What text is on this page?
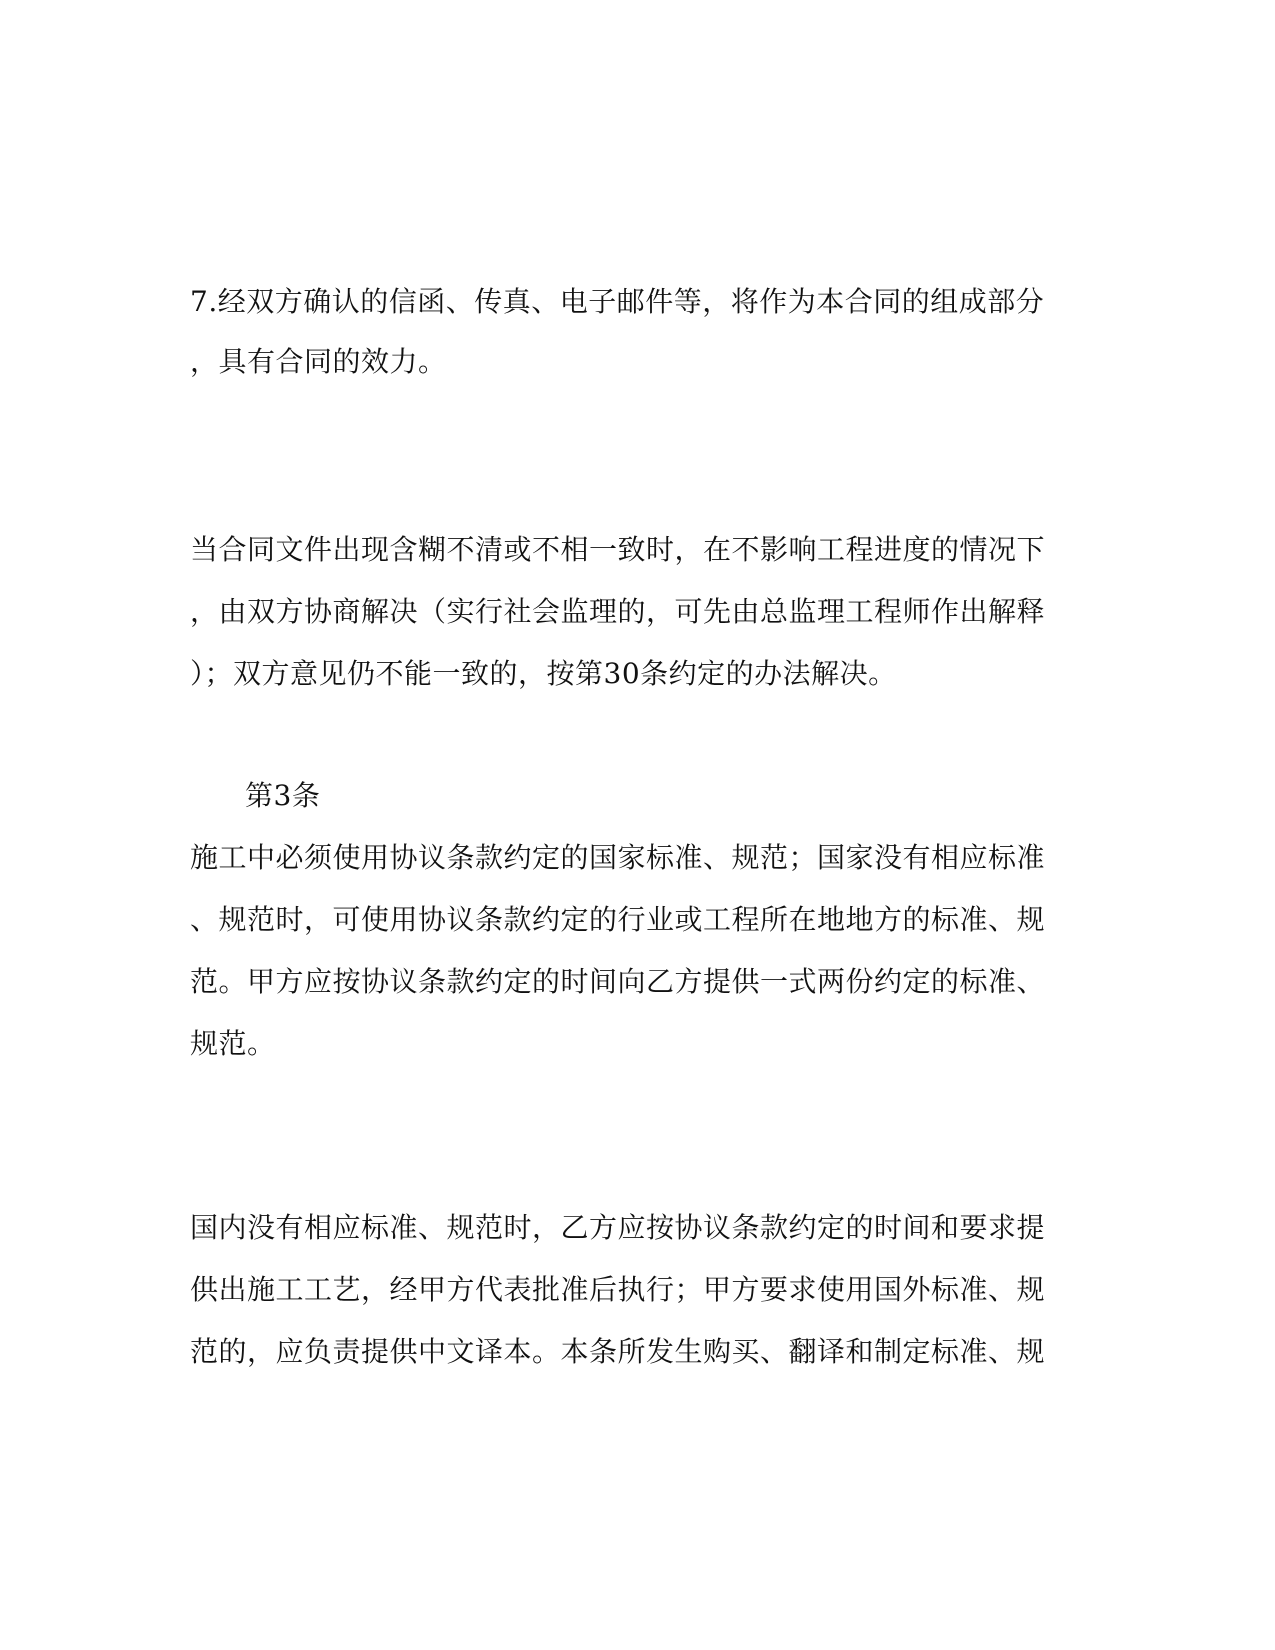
7.经双方确认的信函、传真、电子邮件等，将作为本合同的组成部分
，具有合同的效力。
当合同文件出现含糊不清或不相一致时，在不影响工程进度的情况下
，由双方协商解决（实行社会监理的，可先由总监理工程师作出解释
）；双方意见仍不能一致的，按第30条约定的办法解决。
第3条
施工中必须使用协议条款约定的国家标准、规范；国家没有相应标准
、规范时，可使用协议条款约定的行业或工程所在地地方的标准、规
范。甲方应按协议条款约定的时间向乙方提供一式两份约定的标准、
规范。
国内没有相应标准、规范时，乙方应按协议条款约定的时间和要求提
供出施工工艺，经甲方代表批准后执行；甲方要求使用国外标准、规
范的，应负责提供中文译本。本条所发生购买、翻译和制定标准、规
